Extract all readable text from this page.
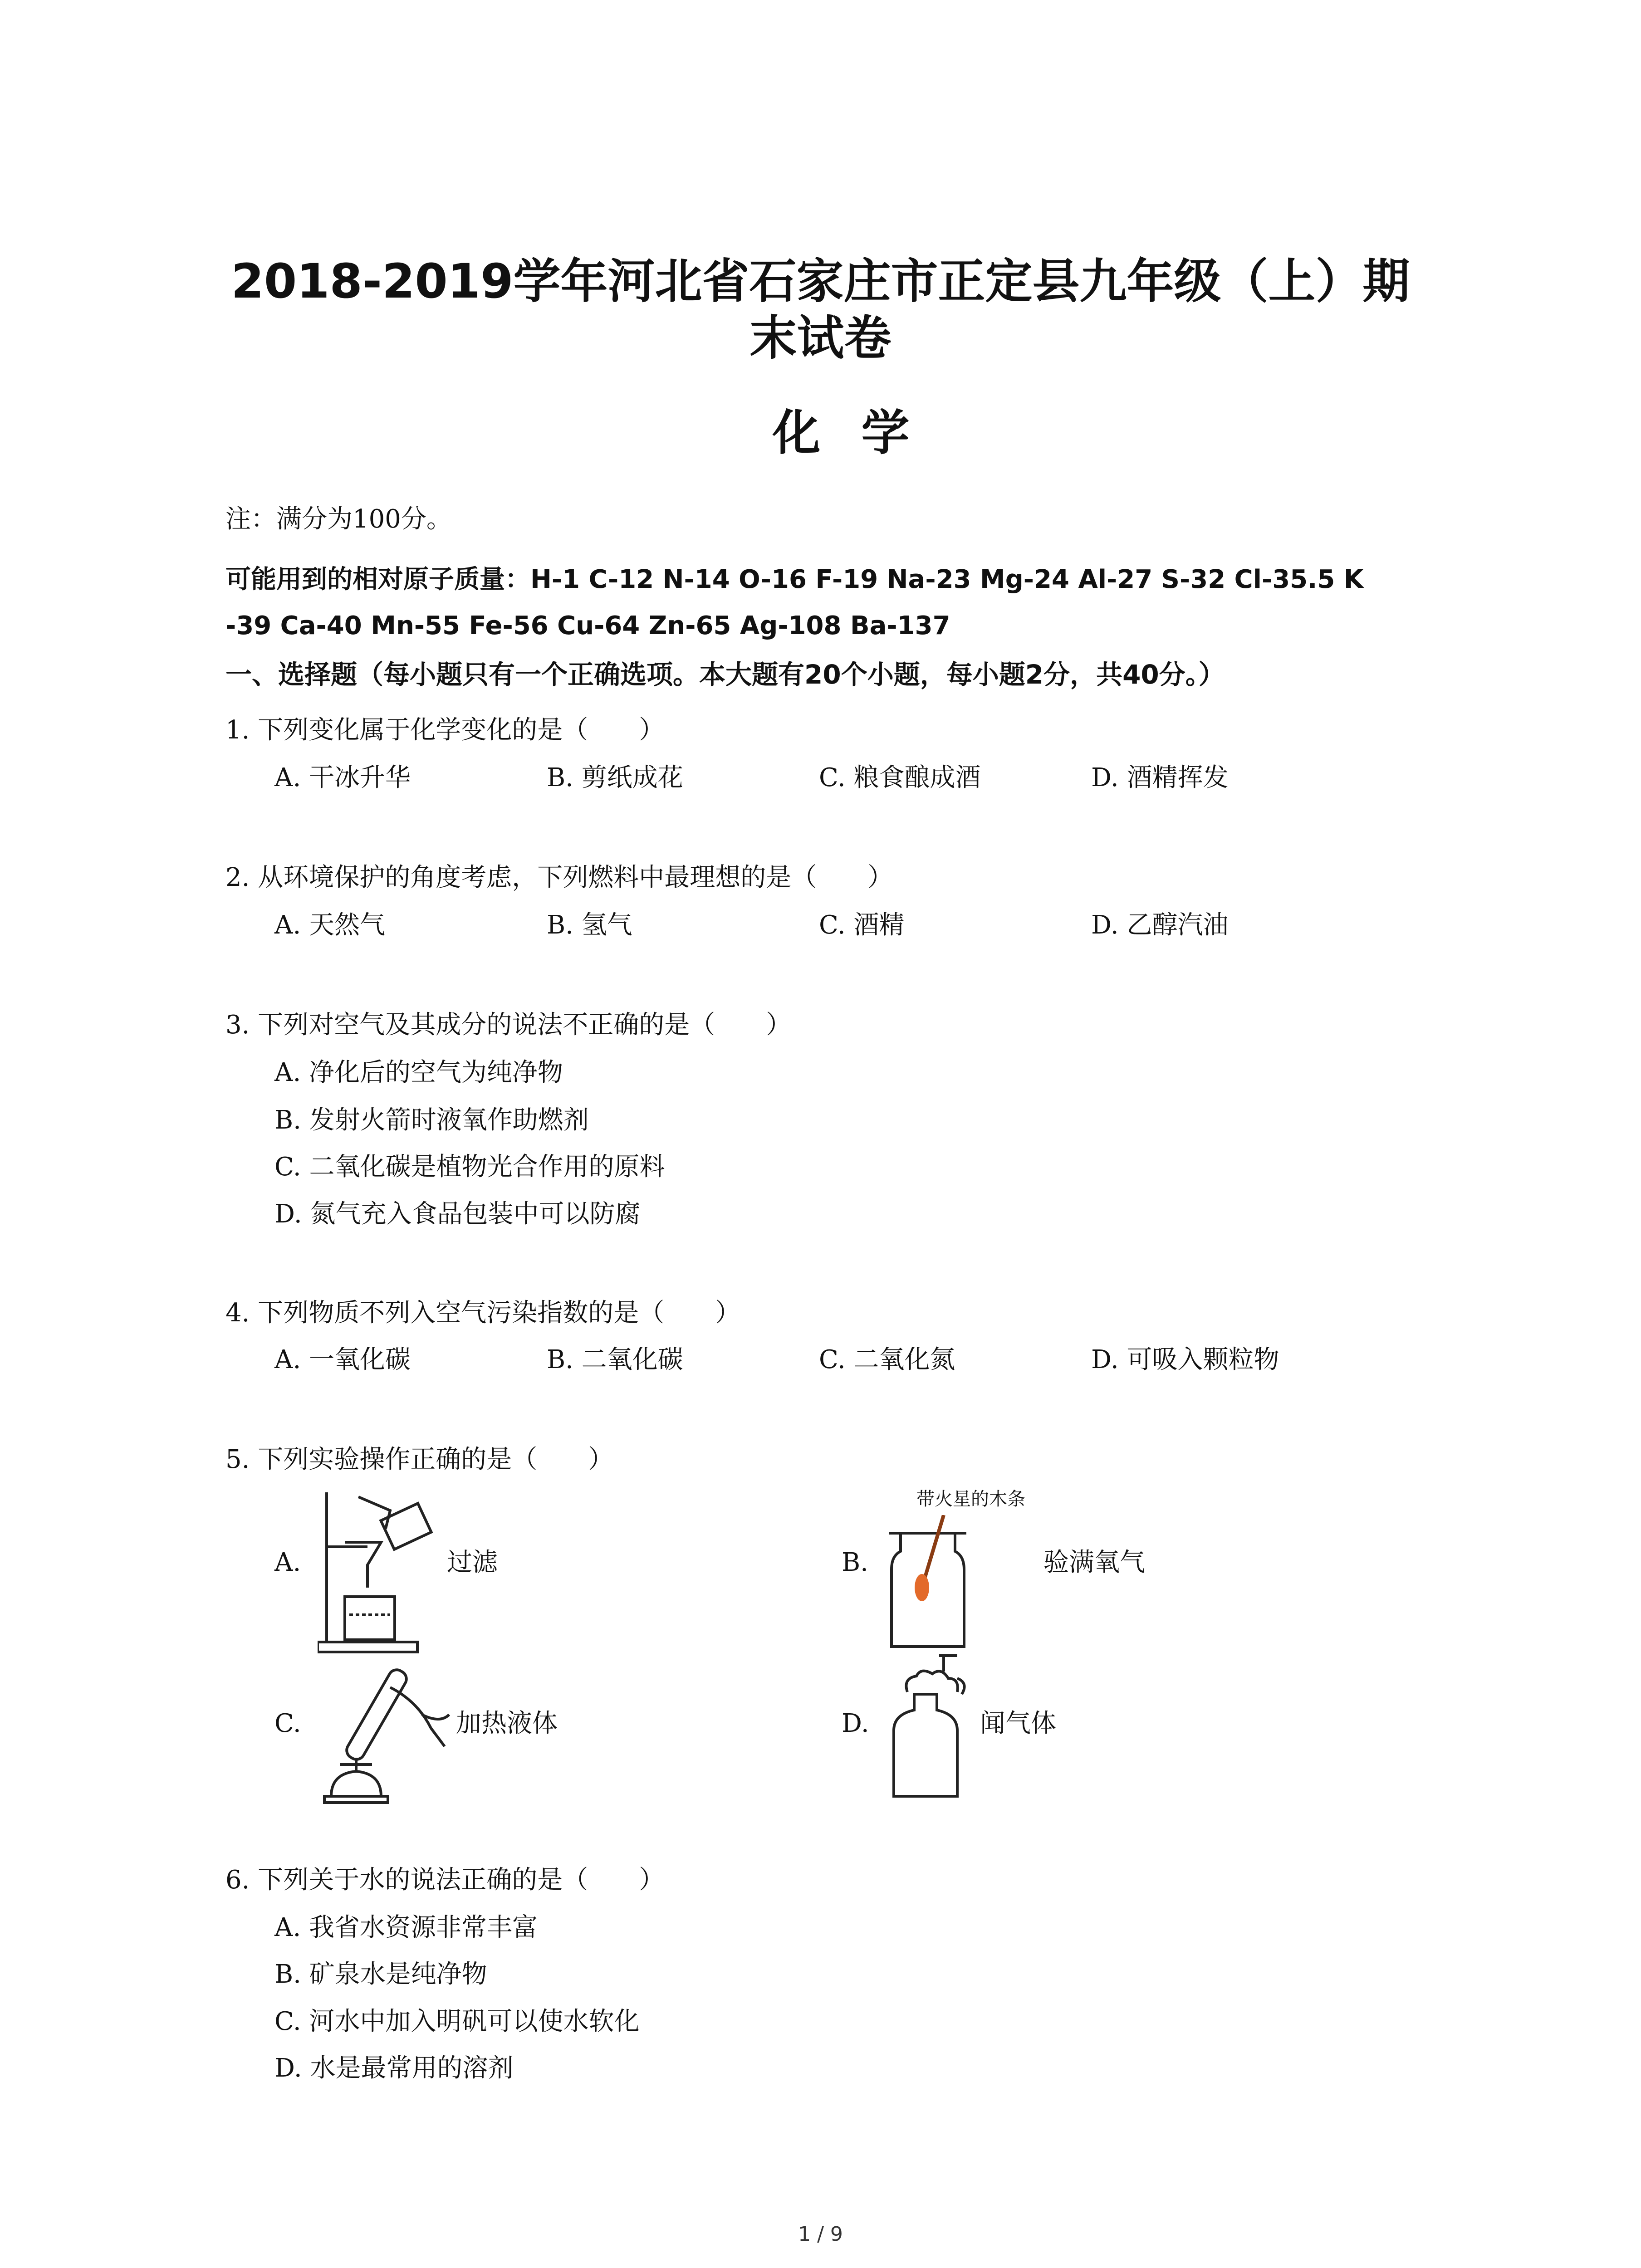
2018-2019学年河北省石家庄市正定县九年级（上）期
末试卷
化学
注：满分为100分。
可能用到的相对原子质量：H-1 C-12 N-14 O-16 F-19 Na-23 Mg-24 Al-27 S-32 Cl-35.5 K
-39 Ca-40 Mn-55 Fe-56 Cu-64 Zn-65 Ag-108 Ba-137
一、选择题（每小题只有一个正确选项。本大题有20个小题，每小题2分，共40分。）
1. 下列变化属于化学变化的是（　　）
A. 干冰升华	B. 剪纸成花	C. 粮食酿成酒	D. 酒精挥发
2. 从环境保护的角度考虑，下列燃料中最理想的是（　　）
A. 天然气	B. 氢气	C. 酒精	D. 乙醇汽油
3. 下列对空气及其成分的说法不正确的是（　　）
A. 净化后的空气为纯净物
B. 发射火箭时液氧作助燃剂
C. 二氧化碳是植物光合作用的原料
D. 氮气充入食品包装中可以防腐
4. 下列物质不列入空气污染指数的是（　　）
A. 一氧化碳	B. 二氧化碳	C. 二氧化氮	D. 可吸入颗粒物
5. 下列实验操作正确的是（　　）
A.	过滤	B.
带火星的木条
验满氧气
C.	加热液体	D.	闻气体
6. 下列关于水的说法正确的是（　　）
A. 我省水资源非常丰富
B. 矿泉水是纯净物
C. 河水中加入明矾可以使水软化
D. 水是最常用的溶剂
1 / 9
